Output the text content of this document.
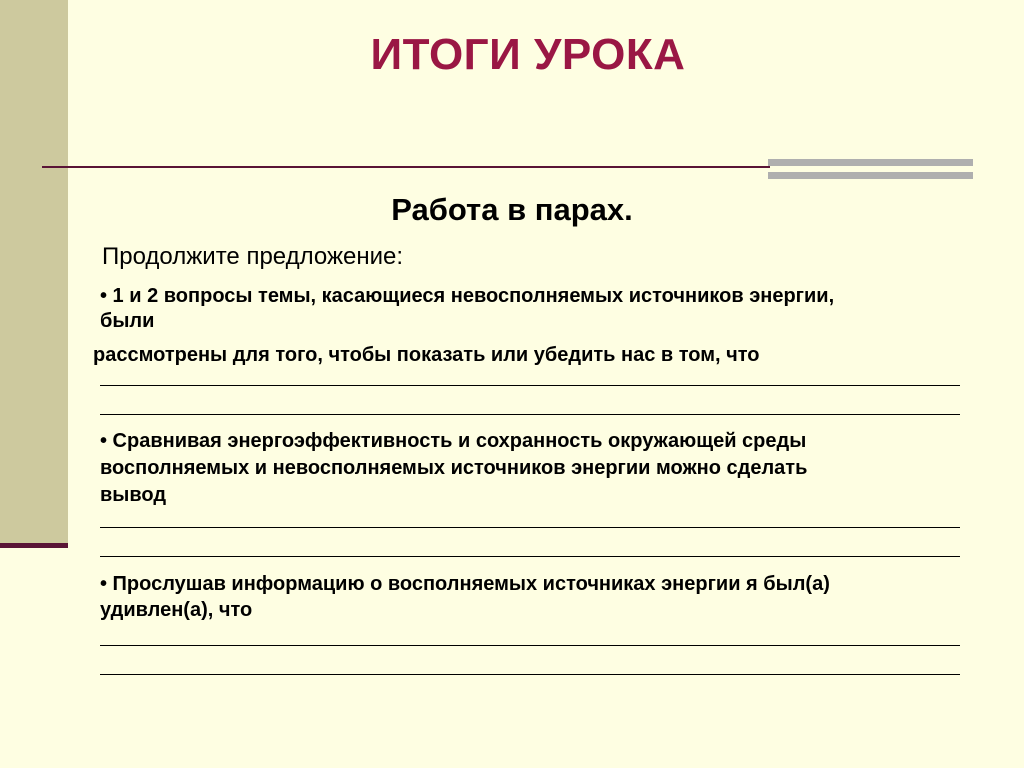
ИТОГИ УРОКА
Работа в парах.
Продолжите предложение:
• 1 и 2 вопросы темы, касающиеся невосполняемых источников энергии,
были
рассмотрены для того, чтобы показать или убедить нас в том, что
• Сравнивая энергоэффективность и сохранность окружающей среды
восполняемых и невосполняемых источников энергии можно сделать
вывод
• Прослушав информацию о восполняемых источниках энергии я был(а)
удивлен(а), что
